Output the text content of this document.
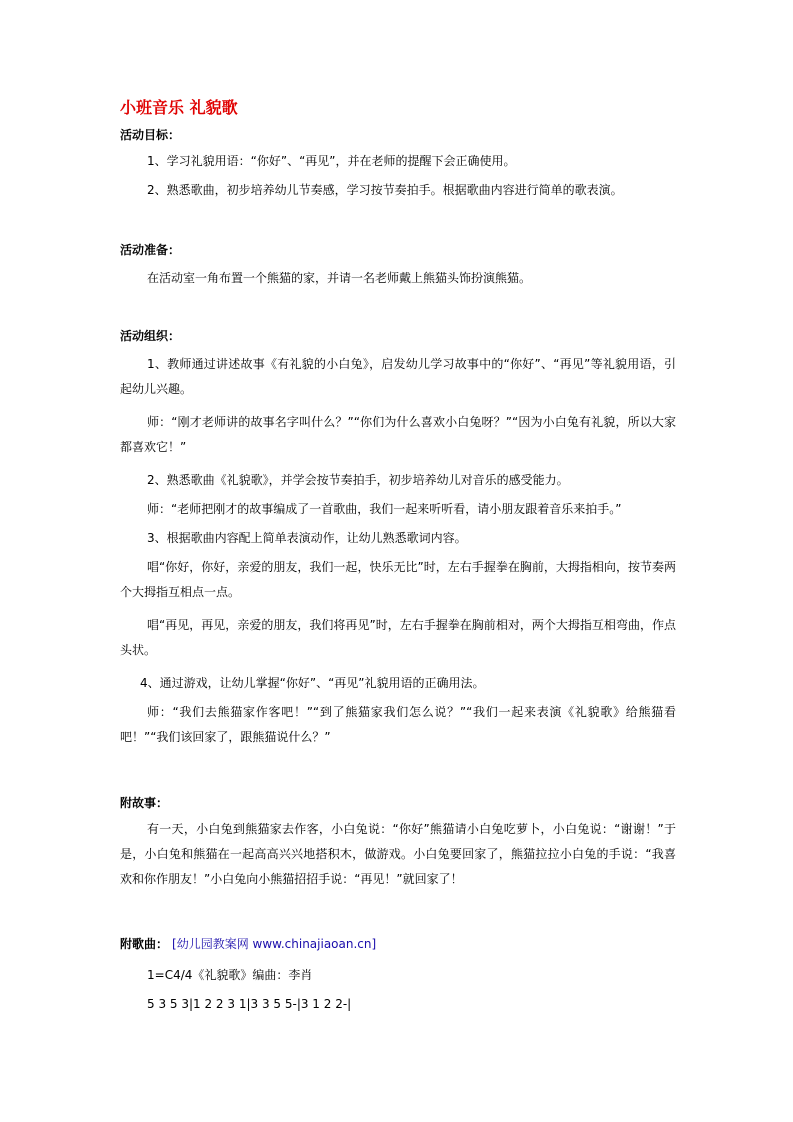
小班音乐 礼貌歌
活动目标：
1、学习礼貌用语：“你好”、“再见”，并在老师的提醒下会正确使用。
2、熟悉歌曲，初步培养幼儿节奏感，学习按节奏拍手。根据歌曲内容进行简单的歌表演。
活动准备：
在活动室一角布置一个熊猫的家，并请一名老师戴上熊猫头饰扮演熊猫。
活动组织：
1、教师通过讲述故事《有礼貌的小白兔》，启发幼儿学习故事中的“你好”、“再见”等礼貌用语，引起幼儿兴趣。
师：“刚才老师讲的故事名字叫什么？”“你们为什么喜欢小白兔呀？”“因为小白兔有礼貌，所以大家都喜欢它！”
2、熟悉歌曲《礼貌歌》，并学会按节奏拍手，初步培养幼儿对音乐的感受能力。
师：“老师把刚才的故事编成了一首歌曲，我们一起来听听看，请小朋友跟着音乐来拍手。”
3、根据歌曲内容配上简单表演动作，让幼儿熟悉歌词内容。
唱“你好，你好，亲爱的朋友，我们一起，快乐无比”时，左右手握拳在胸前，大拇指相向，按节奏两个大拇指互相点一点。
唱“再见，再见，亲爱的朋友，我们将再见”时，左右手握拳在胸前相对，两个大拇指互相弯曲，作点头状。
4、通过游戏，让幼儿掌握“你好”、“再见”礼貌用语的正确用法。
师：“我们去熊猫家作客吧！”“到了熊猫家我们怎么说？”“我们一起来表演《礼貌歌》给熊猫看吧！”“我们该回家了，跟熊猫说什么？”
附故事：
有一天，小白兔到熊猫家去作客，小白兔说：“你好”熊猫请小白兔吃萝卜，小白兔说：“谢谢！”于是，小白兔和熊猫在一起高高兴兴地搭积木，做游戏。小白兔要回家了，熊猫拉拉小白兔的手说：“我喜欢和你作朋友！”小白兔向小熊猫招招手说：“再见！”就回家了！
附歌曲： [幼儿园教案网 www.chinajiaoan.cn]
1=C4/4《礼貌歌》编曲：李肖
5 3 5 3|1 2 2 3 1|3 3 5 5-|3 1 2 2-|
